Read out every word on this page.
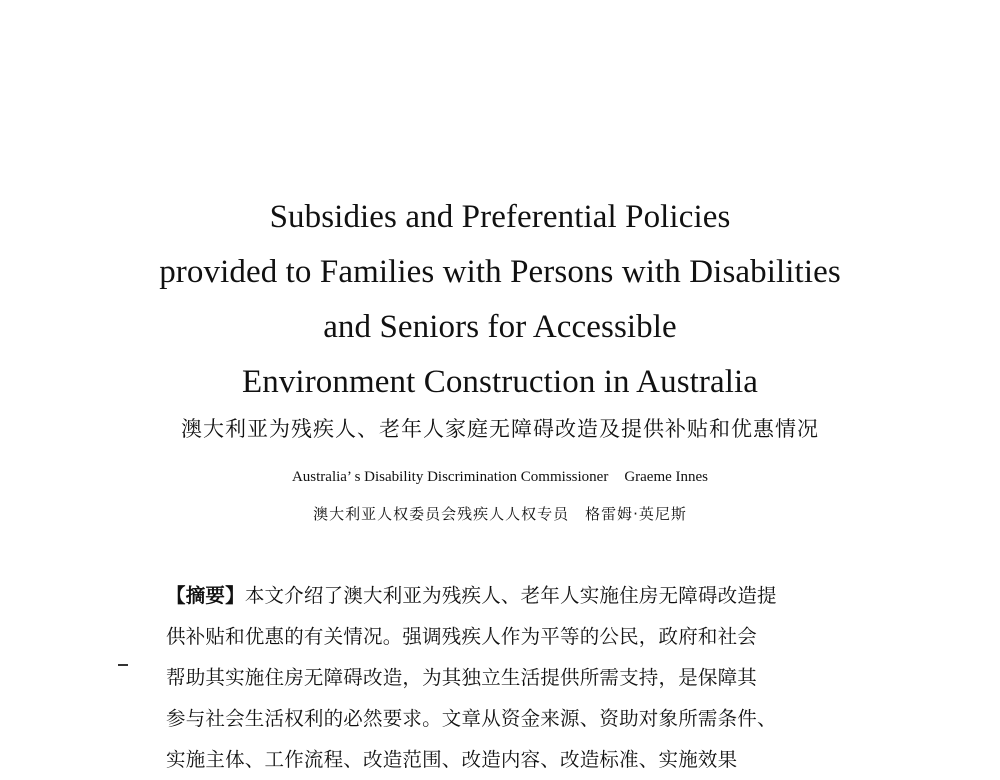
Subsidies and Preferential Policies
provided to Families with Persons with Disabilities
and Seniors for Accessible
Environment Construction in Australia
澳大利亚为残疾人、老年人家庭无障碍改造及提供补贴和优惠情况
Australia’ s Disability Discrimination Commissioner Graeme Innes
澳大利亚人权委员会残疾人人权专员 格雷姆·英尼斯
【摘要】本文介绍了澳大利亚为残疾人、老年人实施住房无障碍改造提
供补贴和优惠的有关情况。强调残疾人作为平等的公民，政府和社会
帮助其实施住房无障碍改造，为其独立生活提供所需支持，是保障其
参与社会生活权利的必然要求。文章从资金来源、资助对象所需条件、
实施主体、工作流程、改造范围、改造内容、改造标准、实施效果
